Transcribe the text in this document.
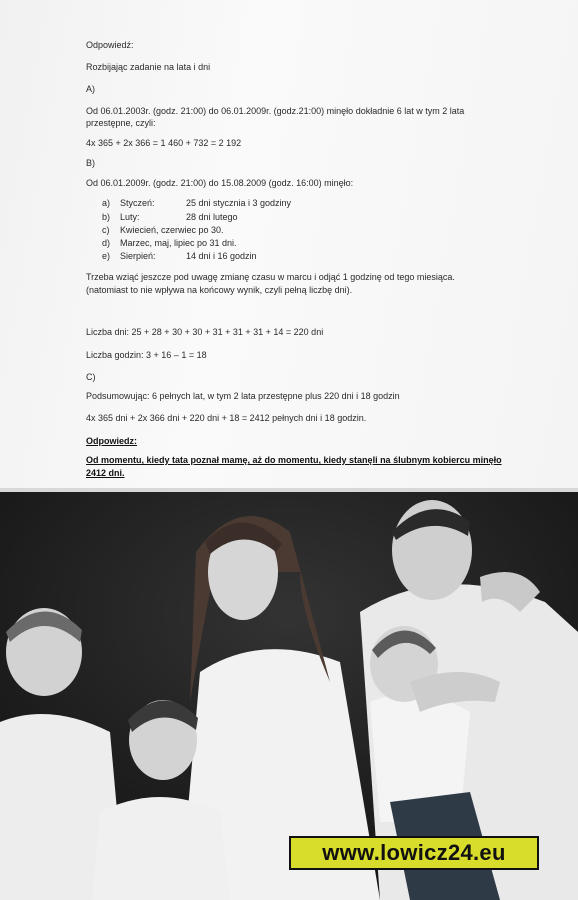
Odpowiedź:
Rozbijając zadanie na lata i dni
A)
Od 06.01.2003r. (godz. 21:00) do 06.01.2009r. (godz.21:00) minęło dokładnie 6 lat w tym 2 lata
przestępne, czyli:
4x 365 + 2x 366 = 1 460 + 732 = 2 192
B)
Od 06.01.2009r. (godz. 21:00) do 15.08.2009 (godz. 16:00) minęło:
a) Styczeń:	25 dni stycznia i 3 godziny
b) Luty:	28 dni lutego
c) Kwiecień, czerwiec po 30.
d) Marzec, maj, lipiec po 31 dni.
e) Sierpień:	14 dni i 16 godzin
Trzeba wziąć jeszcze pod uwagę zmianę czasu w marcu i odjąć 1 godzinę od tego miesiąca.
(natomiast to nie wpływa na końcowy wynik, czyli pełną liczbę dni).
Liczba dni: 25 + 28 + 30 + 30 + 31 + 31 + 31 + 14 = 220 dni
Liczba godzin: 3 + 16 – 1 = 18
C)
Podsumowując: 6 pełnych lat, w tym 2 lata przestępne plus 220 dni i 18 godzin
4x 365 dni + 2x 366 dni + 220 dni + 18 = 2412 pełnych dni i 18 godzin.
Odpowiedz:
Od momentu, kiedy tata poznał mamę, aż do momentu, kiedy stanęli na ślubnym kobiercu minęło
2412 dni.
www.lowicz24.eu
